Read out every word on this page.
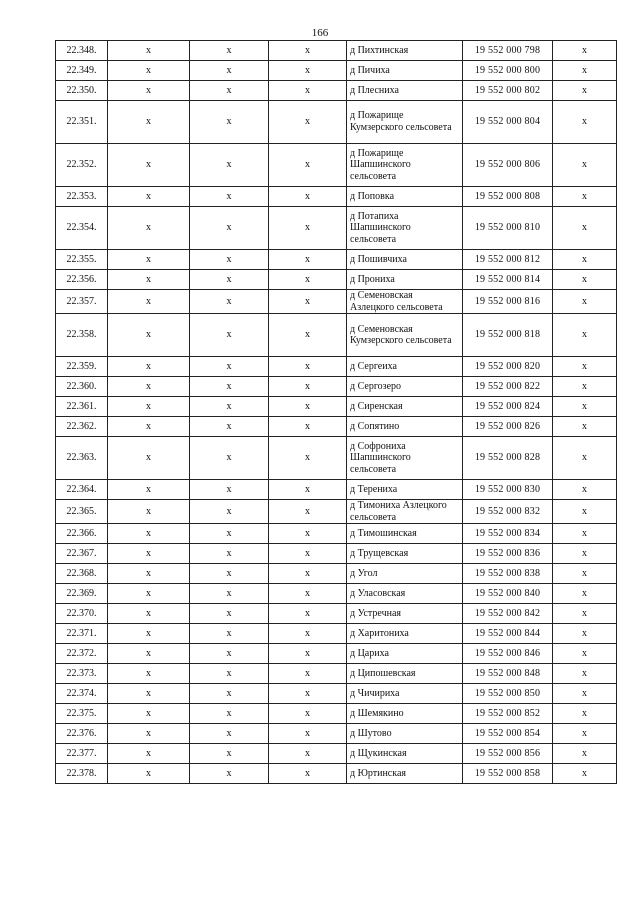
166
22.348.	х	х	х	д Пихтинская	19 552 000 798	х
22.349.	х	х	х	д Пичиха	19 552 000 800	х
22.350.	х	х	х	д Плесниха	19 552 000 802	х
22.351.	х	х	х	д Пожарище Кумзерского сельсовета	19 552 000 804	х
22.352.	х	х	х	д Пожарище Шапшинского сельсовета	19 552 000 806	х
22.353.	х	х	х	д Поповка	19 552 000 808	х
22.354.	х	х	х	д Потапиха Шапшинского сельсовета	19 552 000 810	х
22.355.	х	х	х	д Пошивчиха	19 552 000 812	х
22.356.	х	х	х	д Прониха	19 552 000 814	х
22.357.	х	х	х	д Семеновская Азлецкого сельсовета	19 552 000 816	х
22.358.	х	х	х	д Семеновская Кумзерского сельсовета	19 552 000 818	х
22.359.	х	х	х	д Сергеиха	19 552 000 820	х
22.360.	х	х	х	д Сергозеро	19 552 000 822	х
22.361.	х	х	х	д Сиренская	19 552 000 824	х
22.362.	х	х	х	д Сопятино	19 552 000 826	х
22.363.	х	х	х	д Софрониха Шапшинского сельсовета	19 552 000 828	х
22.364.	х	х	х	д Терениха	19 552 000 830	х
22.365.	х	х	х	д Тимониха Азлецкого сельсовета	19 552 000 832	х
22.366.	х	х	х	д Тимошинская	19 552 000 834	х
22.367.	х	х	х	д Трущевская	19 552 000 836	х
22.368.	х	х	х	д Угол	19 552 000 838	х
22.369.	х	х	х	д Уласовская	19 552 000 840	х
22.370.	х	х	х	д Устречная	19 552 000 842	х
22.371.	х	х	х	д Харитониха	19 552 000 844	х
22.372.	х	х	х	д Цариха	19 552 000 846	х
22.373.	х	х	х	д Ципошевская	19 552 000 848	х
22.374.	х	х	х	д Чичириха	19 552 000 850	х
22.375.	х	х	х	д Шемякино	19 552 000 852	х
22.376.	х	х	х	д Шутово	19 552 000 854	х
22.377.	х	х	х	д Щукинская	19 552 000 856	х
22.378.	х	х	х	д Юртинская	19 552 000 858	х
